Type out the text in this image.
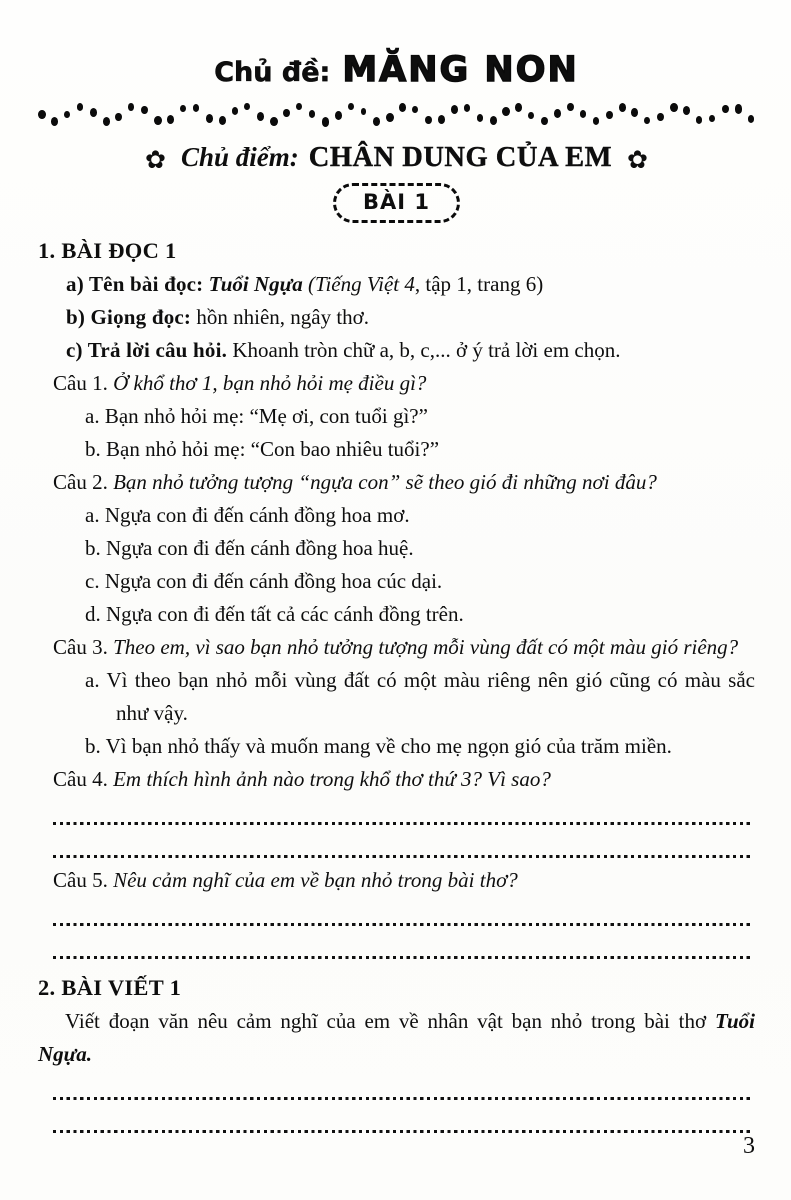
Chủ đề: MĂNG NON
✿ Chủ điểm: CHÂN DUNG CỦA EM ✿
BÀI 1
1. BÀI ĐỌC 1

a) Tên bài đọc: Tuổi Ngựa (Tiếng Việt 4, tập 1, trang 6)

b) Giọng đọc: hồn nhiên, ngây thơ.

c) Trả lời câu hỏi. Khoanh tròn chữ a, b, c,... ở ý trả lời em chọn.

Câu 1. Ở khổ thơ 1, bạn nhỏ hỏi mẹ điều gì?

a. Bạn nhỏ hỏi mẹ: “Mẹ ơi, con tuổi gì?”

b. Bạn nhỏ hỏi mẹ: “Con bao nhiêu tuổi?”

Câu 2. Bạn nhỏ tưởng tượng “ngựa con” sẽ theo gió đi những nơi đâu?

a. Ngựa con đi đến cánh đồng hoa mơ.

b. Ngựa con đi đến cánh đồng hoa huệ.

c. Ngựa con đi đến cánh đồng hoa cúc dại.

d. Ngựa con đi đến tất cả các cánh đồng trên.

Câu 3. Theo em, vì sao bạn nhỏ tưởng tượng mỗi vùng đất có một màu gió riêng?

a. Vì theo bạn nhỏ mỗi vùng đất có một màu riêng nên gió cũng có màu sắc như vậy.

b. Vì bạn nhỏ thấy và muốn mang về cho mẹ ngọn gió của trăm miền.

Câu 4. Em thích hình ảnh nào trong khổ thơ thứ 3? Vì sao?

Câu 5. Nêu cảm nghĩ của em về bạn nhỏ trong bài thơ?

2. BÀI VIẾT 1

Viết đoạn văn nêu cảm nghĩ của em về nhân vật bạn nhỏ trong bài thơ Tuổi Ngựa.

3
